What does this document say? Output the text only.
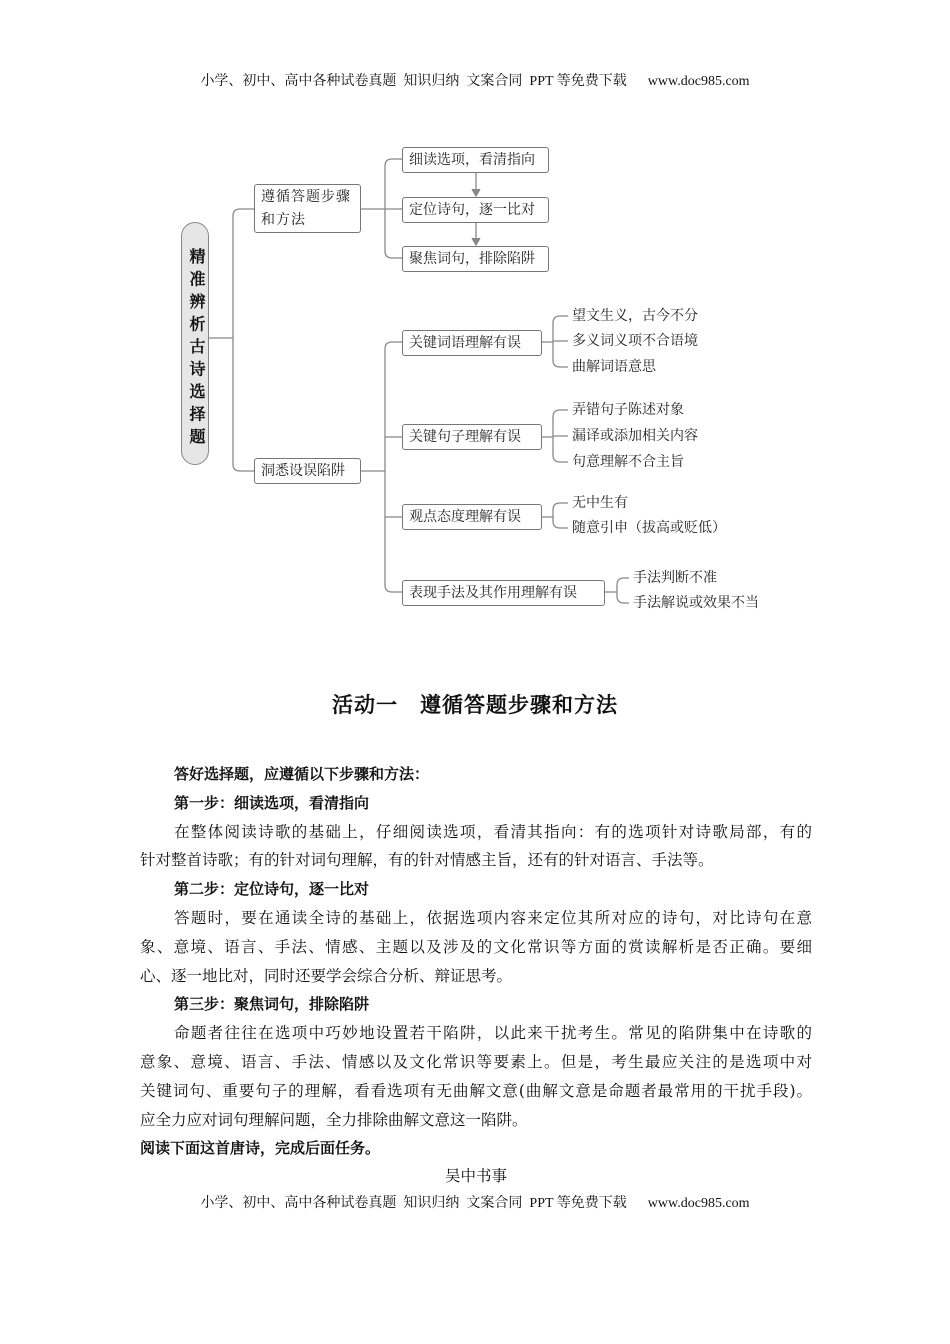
小学、初中、高中各种试卷真题  知识归纳  文案合同  PPT 等免费下载      www.doc985.com
精准辨析古诗选择题
遵循答题步骤和方法
洞悉设误陷阱
细读选项，看清指向
定位诗句，逐一比对
聚焦词句，排除陷阱
关键词语理解有误
关键句子理解有误
观点态度理解有误
表现手法及其作用理解有误
望文生义，古今不分
多义词义项不合语境
曲解词语意思
弄错句子陈述对象
漏译或添加相关内容
句意理解不合主旨
无中生有
随意引申（拔高或贬低）
手法判断不准
手法解说或效果不当
活动一　遵循答题步骤和方法
答好选择题，应遵循以下步骤和方法：
第一步：细读选项，看清指向
在整体阅读诗歌的基础上，仔细阅读选项，看清其指向：有的选项针对诗歌局部，有的
针对整首诗歌；有的针对词句理解，有的针对情感主旨，还有的针对语言、手法等。
第二步：定位诗句，逐一比对
答题时，要在通读全诗的基础上，依据选项内容来定位其所对应的诗句，对比诗句在意
象、意境、语言、手法、情感、主题以及涉及的文化常识等方面的赏读解析是否正确。要细
心、逐一地比对，同时还要学会综合分析、辩证思考。
第三步：聚焦词句，排除陷阱
命题者往往在选项中巧妙地设置若干陷阱，以此来干扰考生。常见的陷阱集中在诗歌的
意象、意境、语言、手法、情感以及文化常识等要素上。但是，考生最应关注的是选项中对
关键词句、重要句子的理解，看看选项有无曲解文意(曲解文意是命题者最常用的干扰手段)。
应全力应对词句理解问题，全力排除曲解文意这一陷阱。
阅读下面这首唐诗，完成后面任务。
吴中书事
小学、初中、高中各种试卷真题  知识归纳  文案合同  PPT 等免费下载      www.doc985.com
